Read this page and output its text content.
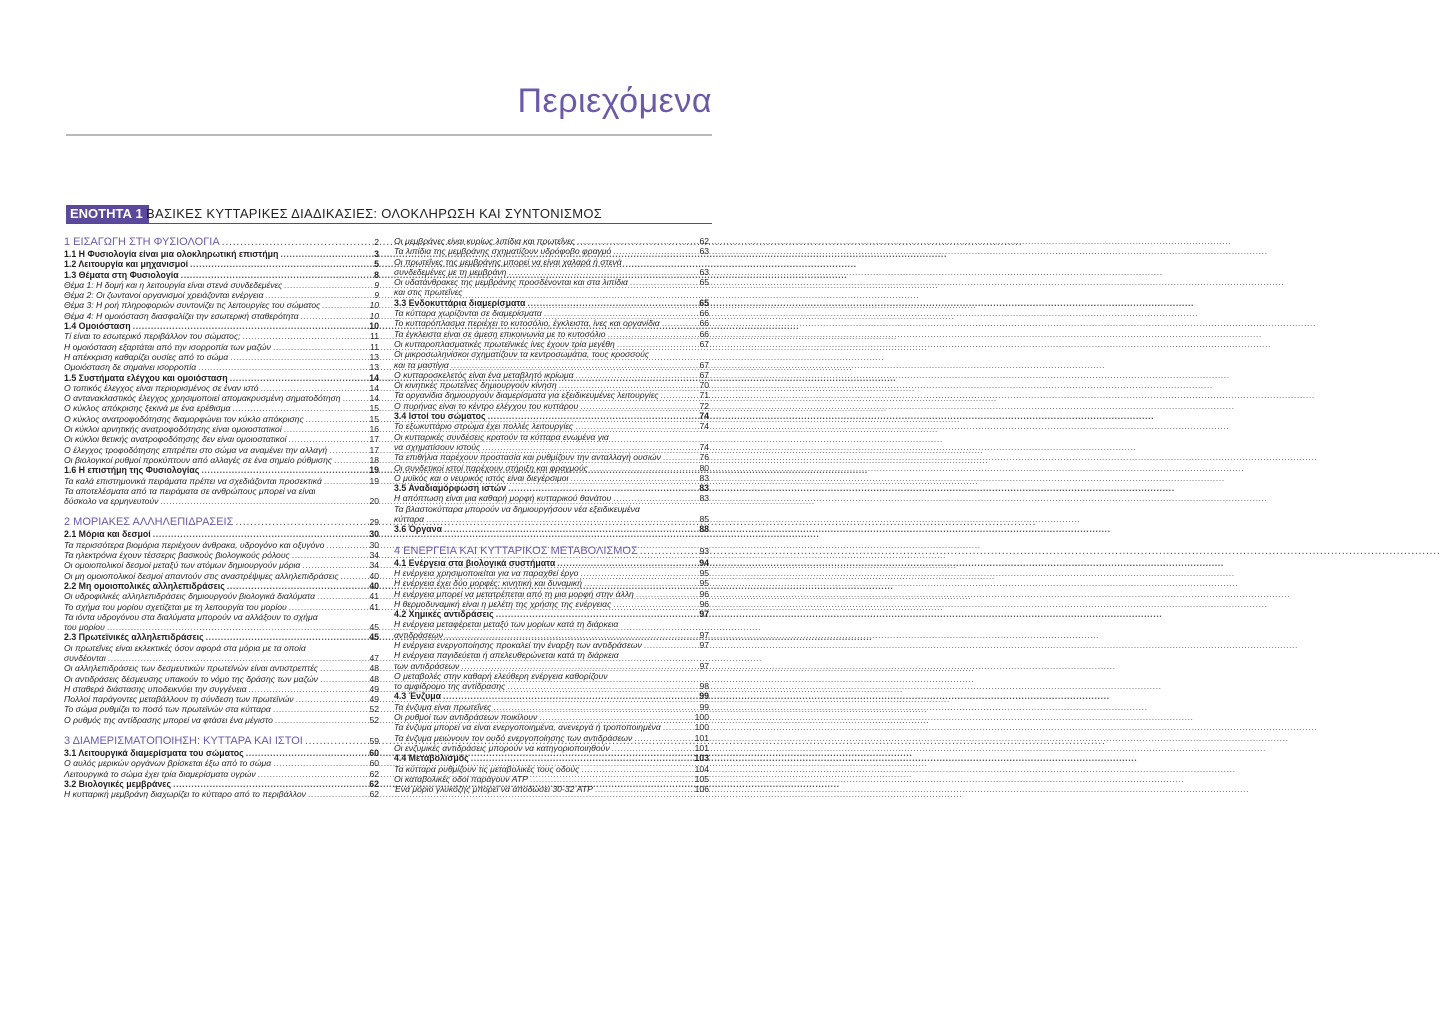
Περιεχόμενα
ΕΝΟΤΗΤΑ 1 ΒΑΣΙΚΕΣ ΚΥΤΤΑΡΙΚΕΣ ΔΙΑΔΙΚΑΣΙΕΣ: ΟΛΟΚΛΗΡΩΣΗ ΚΑΙ ΣΥΝΤΟΝΙΣΜΟΣ
1 ΕΙΣΑΓΩΓΗ ΣΤΗ ΦΥΣΙΟΛΟΓΙΑ .....	2
1.1 Η Φυσιολογία είναι μια ολοκληρωτική επιστήμη .....	3
1.2 Λειτουργία και μηχανισμοί .....	5
1.3 Θέματα στη Φυσιολογία .....	8
Θέμα 1: Η δομή και η λειτουργία είναι στενά συνδεδεμένες .....	9
Θέμα 2: Οι ζωντανοί οργανισμοί χρειάζονται ενέργεια .....	9
Θέμα 3: Η ροή πληροφοριών συντονίζει τις λειτουργίες του σώματος .....	10
Θέμα 4: Η ομοιόσταση διασφαλίζει την εσωτερική σταθερότητα .....	10
1.4 Ομοιόσταση .....	10
Τί είναι το εσωτερικό περιβάλλον του σώματος; .....	11
Η ομοιόσταση εξαρτάται από την ισορροπία των μαζών .....	11
Η απέκκριση καθαρίζει ουσίες από το σώμα .....	13
Ομοιόσταση δε σημαίνει ισορροπία .....	13
1.5 Συστήματα ελέγχου και ομοιόσταση .....	14
Ο τοπικός έλεγχος είναι περιορισμένος σε έναν ιστό .....	14
Ο αντανακλαστικός έλεγχος χρησιμοποιεί απομακρυσμένη σηματοδότηση .....	14
Ο κύκλος απόκρισης ξεκινά με ένα ερέθισμα .....	15
Ο κύκλος ανατροφοδότησης διαμορφώνει τον κύκλο απόκρισης .....	15
Οι κύκλοι αρνητικής ανατροφοδότησης είναι ομοιοστατικοί .....	16
Οι κύκλοι θετικής ανατροφοδότησης δεν είναι ομοιοστατικοί .....	17
Ο έλεγχος τροφοδότησης επιτρέπει στο σώμα να αναμένει την αλλαγή .....	17
Οι βιολογικοί ρυθμοί προκύπτουν από αλλαγές σε ένα σημείο ρύθμισης .....	18
1.6 Η επιστήμη της Φυσιολογίας .....	19
Τα καλά επιστημονικά πειράματα πρέπει να σχεδιάζονται προσεκτικά .....	19
Τα αποτελέσματα από τα πειράματα σε ανθρώπους μπορεί να είναι
δύσκολο να ερμηνευτούν .....	20
2 ΜΟΡΙΑΚΕΣ ΑΛΛΗΛΕΠΙΔΡΑΣΕΙΣ .....	29
2.1 Μόρια και δεσμοί .....	30
Τα περισσότερα βιομόρια περιέχουν άνθρακα, υδρογόνο και οξυγόνο .....	30
Τα ηλεκτρόνια έχουν τέσσερις βασικούς βιολογικούς ρόλους .....	34
Οι ομοιοπολικοί δεσμοί μεταξύ των ατόμων δημιουργούν μόρια .....	34
Οι μη ομοιοπολικοί δεσμοί απαντούν στις αναστρέψιμες αλληλεπιδράσεις .....	40
2.2 Μη ομοιοπολικές αλληλεπιδράσεις .....	40
Οι υδροφιλικές αλληλεπιδράσεις δημιουργούν βιολογικά διαλύματα .....	41
Το σχήμα του μορίου σχετίζεται με τη λειτουργία του μορίου .....	41
Τα ιόντα υδρογόνου στα διαλύματα μπορούν να αλλάξουν το σχήμα
του μορίου .....	45
2.3 Πρωτεϊνικές αλληλεπιδράσεις .....	45
Οι πρωτεΐνες είναι εκλεκτικές όσον αφορά στα μόρια με τα οποία
συνδέονται .....	47
Οι αλληλεπιδράσεις των δεσμευτικών πρωτεϊνών είναι αντιστρεπτές .....	48
Οι αντιδράσεις δέσμευσης υπακούν το νόμο της δράσης των μαζών .....	48
Η σταθερά διάστασης υποδεικνύει την συγγένεια .....	49
Πολλοί παράγοντες μεταβάλλουν τη σύνδεση των πρωτεϊνών .....	49
Το σώμα ρυθμίζει το ποσό των πρωτεϊνών στα κύτταρα .....	52
Ο ρυθμός της αντίδρασης μπορεί να φτάσει ένα μέγιστο .....	52
3 ΔΙΑΜΕΡΙΣΜΑΤΟΠΟΙΗΣΗ: ΚΥΤΤΑΡΑ ΚΑΙ ΙΣΤΟΙ .....	59
3.1 Λειτουργικά διαμερίσματα του σώματος .....	60
Ο αυλός μερικών οργάνων βρίσκεται έξω από το σώμα .....	60
Λειτουργικά το σώμα έχει τρία διαμερίσματα υγρών .....	62
3.2 Βιολογικές μεμβράνες .....	62
Η κυτταρική μεμβράνη διαχωρίζει το κύτταρο από το περιβάλλον .....	62
Οι μεμβράνες είναι κυρίως λιπίδια και πρωτεΐνες .....	62
Τα λιπίδια της μεμβράνης σχηματίζουν υδρόφοβο φραγμό .....	63
Οι πρωτεΐνες της μεμβράνης μπορεί να είναι χαλαρά ή στενά
συνδεδεμένες με τη μεμβράνη .....	63
Οι υδατάνθρακες της μεμβράνης προσδένονται και στα λιπίδια .....	65
και στις πρωτεΐνες
3.3 Ενδοκυττάρια διαμερίσματα .....	65
Τα κύτταρα χωρίζονται σε διαμερίσματα .....	66
Το κυτταρόπλασμα περιέχει το κυτοσόλιο, έγκλειστα, ίνες και οργανίδια .....	66
Τα έγκλειστα είναι σε άμεση επικοινωνία με το κυτοσόλιο .....	66
Οι κυτταροπλασματικές πρωτεϊνικές ίνες έχουν τρία μεγέθη .....	67
Οι μικροσωληνίσκοι σχηματίζουν τα κεντροσωμάτια, τους κροσσούς
και τα μαστίγια .....	67
Ο κυτταροσκελετός είναι ένα μεταβλητό ικρίωμα .....	67
Οι κινητικές πρωτεΐνες δημιουργούν κίνηση .....	70
Τα οργανίδια δημιουργούν διαμερίσματα για εξειδικευμένες λειτουργίες .....	71
Ο πυρήνας είναι το κέντρο ελέγχου του κυττάρου .....	72
3.4 Ιστοί του σώματος .....	74
Το εξωκυττάριο στρώμα έχει πολλές λειτουργίες .....	74
Οι κυτταρικές συνδέσεις κρατούν τα κύτταρα ενωμένα για
να σχηματίσουν ιστούς .....	74
Τα επιθήλια παρέχουν προστασία και ρυθμίζουν την ανταλλαγή ουσιών .....	76
Οι συνδετικοί ιστοί παρέχουν στήριξη και φραγμούς .....	80
Ο μυϊκός και ο νευρικός ιστός είναι διεγέρσιμοι .....	83
3.5 Αναδιαμόρφωση ιστών .....	83
Η απόπτωση είναι μια καθαρή μορφή κυτταρικού θανάτου .....	83
Τα βλαστοκύτταρα μπορούν να δημιουργήσουν νέα εξειδικευμένα
κύτταρα .....	85
3.6 Όργανα .....	88
4 ΕΝΕΡΓΕΙΑ ΚΑΙ ΚΥΤΤΑΡΙΚΟΣ ΜΕΤΑΒΟΛΙΣΜΟΣ .....	93
4.1 Ενέργεια στα βιολογικά συστήματα .....	94
Η ενέργεια χρησιμοποιείται για να παραχθεί έργο .....	95
Η ενέργεια έχει δύο μορφές: κινητική και δυναμική .....	95
Η ενέργεια μπορεί να μετατρέπεται από τη μια μορφή στην άλλη .....	96
Η θερμοδυναμική είναι η μελέτη της χρήσης της ενέργειας .....	96
4.2 Χημικές αντιδράσεις .....	97
Η ενέργεια μεταφέρεται μεταξύ των μορίων κατά τη διάρκεια
αντιδράσεων .....	97
Η ενέργεια ενεργοποίησης προκαλεί την έναρξη των αντιδράσεων .....	97
Η ενέργεια παγιδεύεται ή απελευθερώνεται κατά τη διάρκεια
των αντιδράσεων .....	97
Ο μεταβολές στην καθαρή ελεύθερη ενέργεια καθορίζουν
το αμφίδρομο της αντίδρασης .....	98
4.3 Ένζυμα .....	99
Τα ένζυμα είναι πρωτεΐνες .....	99
Οι ρυθμοί των αντιδράσεων ποικίλουν .....	100
Τα ένζυμα μπορεί να είναι ενεργοποιημένα, ανενεργά ή τροποποιημένα .....	100
Τα ένζυμα μειώνουν τον ουδό ενεργοποίησης των αντιδράσεων .....	101
Οι ενζυμικές αντιδράσεις μπορούν να κατηγοριοποιηθούν .....	101
4.4 Μεταβολισμός .....	103
Τα κύτταρα ρυθμίζουν τις μεταβολικές τους οδούς .....	104
Οι καταβολικές οδοί παράγουν ATP .....	105
Ένα μόριο γλυκόζης μπορεί να αποδώσει 30-32 ATP .....	106
